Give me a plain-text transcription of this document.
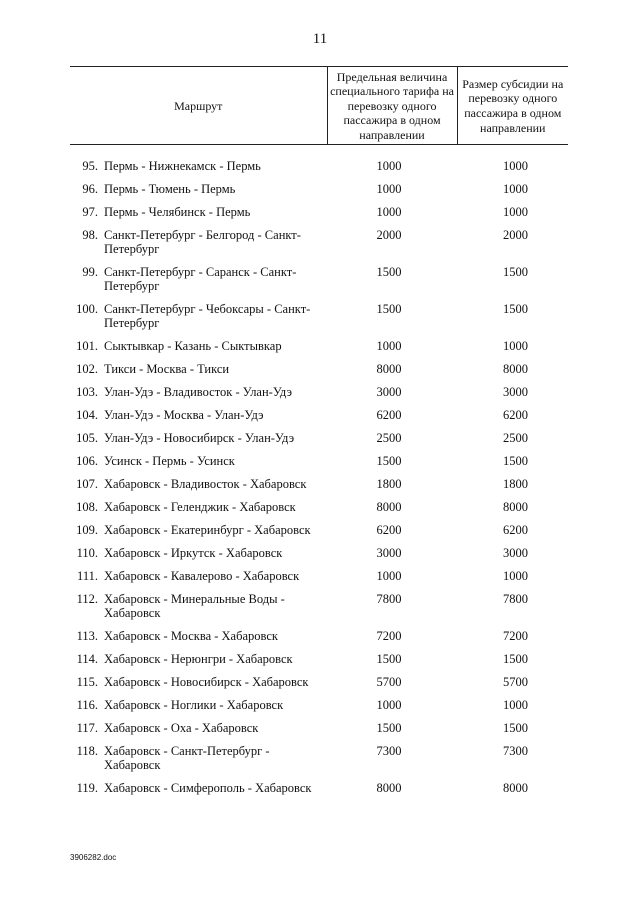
11
Маршрут		Предельная величина специального тарифа на перевозку одного пассажира в одном направлении	Размер субсидии на перевозку одного пассажира в одном направлении
95.	Пермь - Нижнекамск - Пермь	1000	1000
96.	Пермь - Тюмень - Пермь	1000	1000
97.	Пермь - Челябинск - Пермь	1000	1000
98.	Санкт-Петербург - Белгород - Санкт-Петербург	2000	2000
99.	Санкт-Петербург - Саранск - Санкт-Петербург	1500	1500
100.	Санкт-Петербург - Чебоксары - Санкт-Петербург	1500	1500
101.	Сыктывкар - Казань - Сыктывкар	1000	1000
102.	Тикси - Москва - Тикси	8000	8000
103.	Улан-Удэ - Владивосток - Улан-Удэ	3000	3000
104.	Улан-Удэ - Москва - Улан-Удэ	6200	6200
105.	Улан-Удэ - Новосибирск - Улан-Удэ	2500	2500
106.	Усинск - Пермь - Усинск	1500	1500
107.	Хабаровск - Владивосток - Хабаровск	1800	1800
108.	Хабаровск - Геленджик - Хабаровск	8000	8000
109.	Хабаровск - Екатеринбург - Хабаровск	6200	6200
110.	Хабаровск - Иркутск - Хабаровск	3000	3000
111.	Хабаровск - Кавалерово - Хабаровск	1000	1000
112.	Хабаровск - Минеральные Воды - Хабаровск	7800	7800
113.	Хабаровск - Москва - Хабаровск	7200	7200
114.	Хабаровск - Нерюнгри - Хабаровск	1500	1500
115.	Хабаровск - Новосибирск - Хабаровск	5700	5700
116.	Хабаровск - Ноглики - Хабаровск	1000	1000
117.	Хабаровск - Оха - Хабаровск	1500	1500
118.	Хабаровск - Санкт-Петербург - Хабаровск	7300	7300
119.	Хабаровск - Симферополь - Хабаровск	8000	8000
3906282.doc
